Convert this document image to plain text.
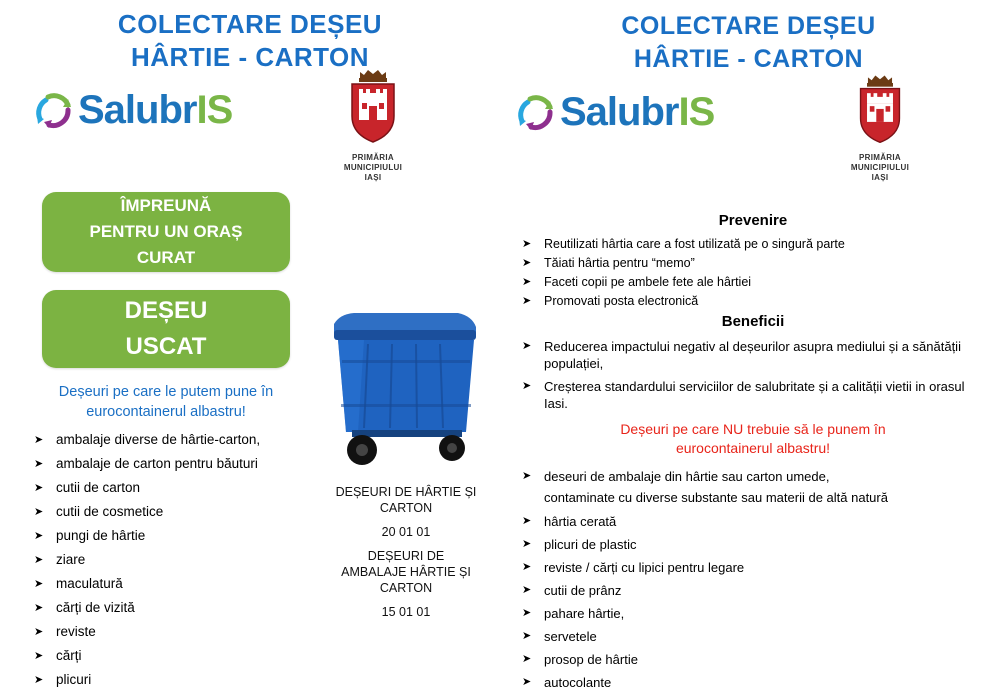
COLECTARE DEȘEU
HÂRTIE - CARTON
SalubrIS
PRIMĂRIA
MUNICIPIULUI
IAȘI
ÎMPREUNĂ
PENTRU UN ORAȘ
CURAT
DEȘEU
USCAT
Deșeuri pe care le putem pune în
eurocontainerul albastru!
➤ ambalaje diverse de hârtie-carton,
➤ ambalaje de carton pentru băuturi
➤ cutii de carton
➤ cutii de cosmetice
➤ pungi de hârtie
➤ ziare
➤ maculatură
➤ cărți de vizită
➤ reviste
➤ cărți
➤ plicuri
DEȘEURI DE HÂRTIE ȘI
CARTON
20 01 01
DEȘEURI DE
AMBALAJE HÂRTIE ȘI
CARTON
15 01 01
COLECTARE DEȘEU
HÂRTIE - CARTON
SalubrIS
PRIMĂRIA
MUNICIPIULUI
IAȘI
Prevenire
➤ Reutilizati hârtia care a fost utilizată pe o singură parte
➤ Tăiati hârtia pentru “memo”
➤ Faceti copii pe ambele fete ale hârtiei
➤ Promovati posta electronică
Beneficii
➤ Reducerea impactului negativ al deșeurilor asupra mediului și a sănătății populației,
➤ Creșterea standardului serviciilor de salubritate și a calității vietii in orasul Iasi.
Deșeuri pe care NU trebuie să le punem în
eurocontainerul albastru!
➤ deseuri de ambalaje din hârtie sau carton umede,
contaminate cu diverse substante sau materii de altă natură
➤ hârtia cerată
➤ plicuri de plastic
➤ reviste / cărți cu lipici pentru legare
➤ cutii de prânz
➤ pahare hârtie,
➤ servetele
➤ prosop de hârtie
➤ autocolante
